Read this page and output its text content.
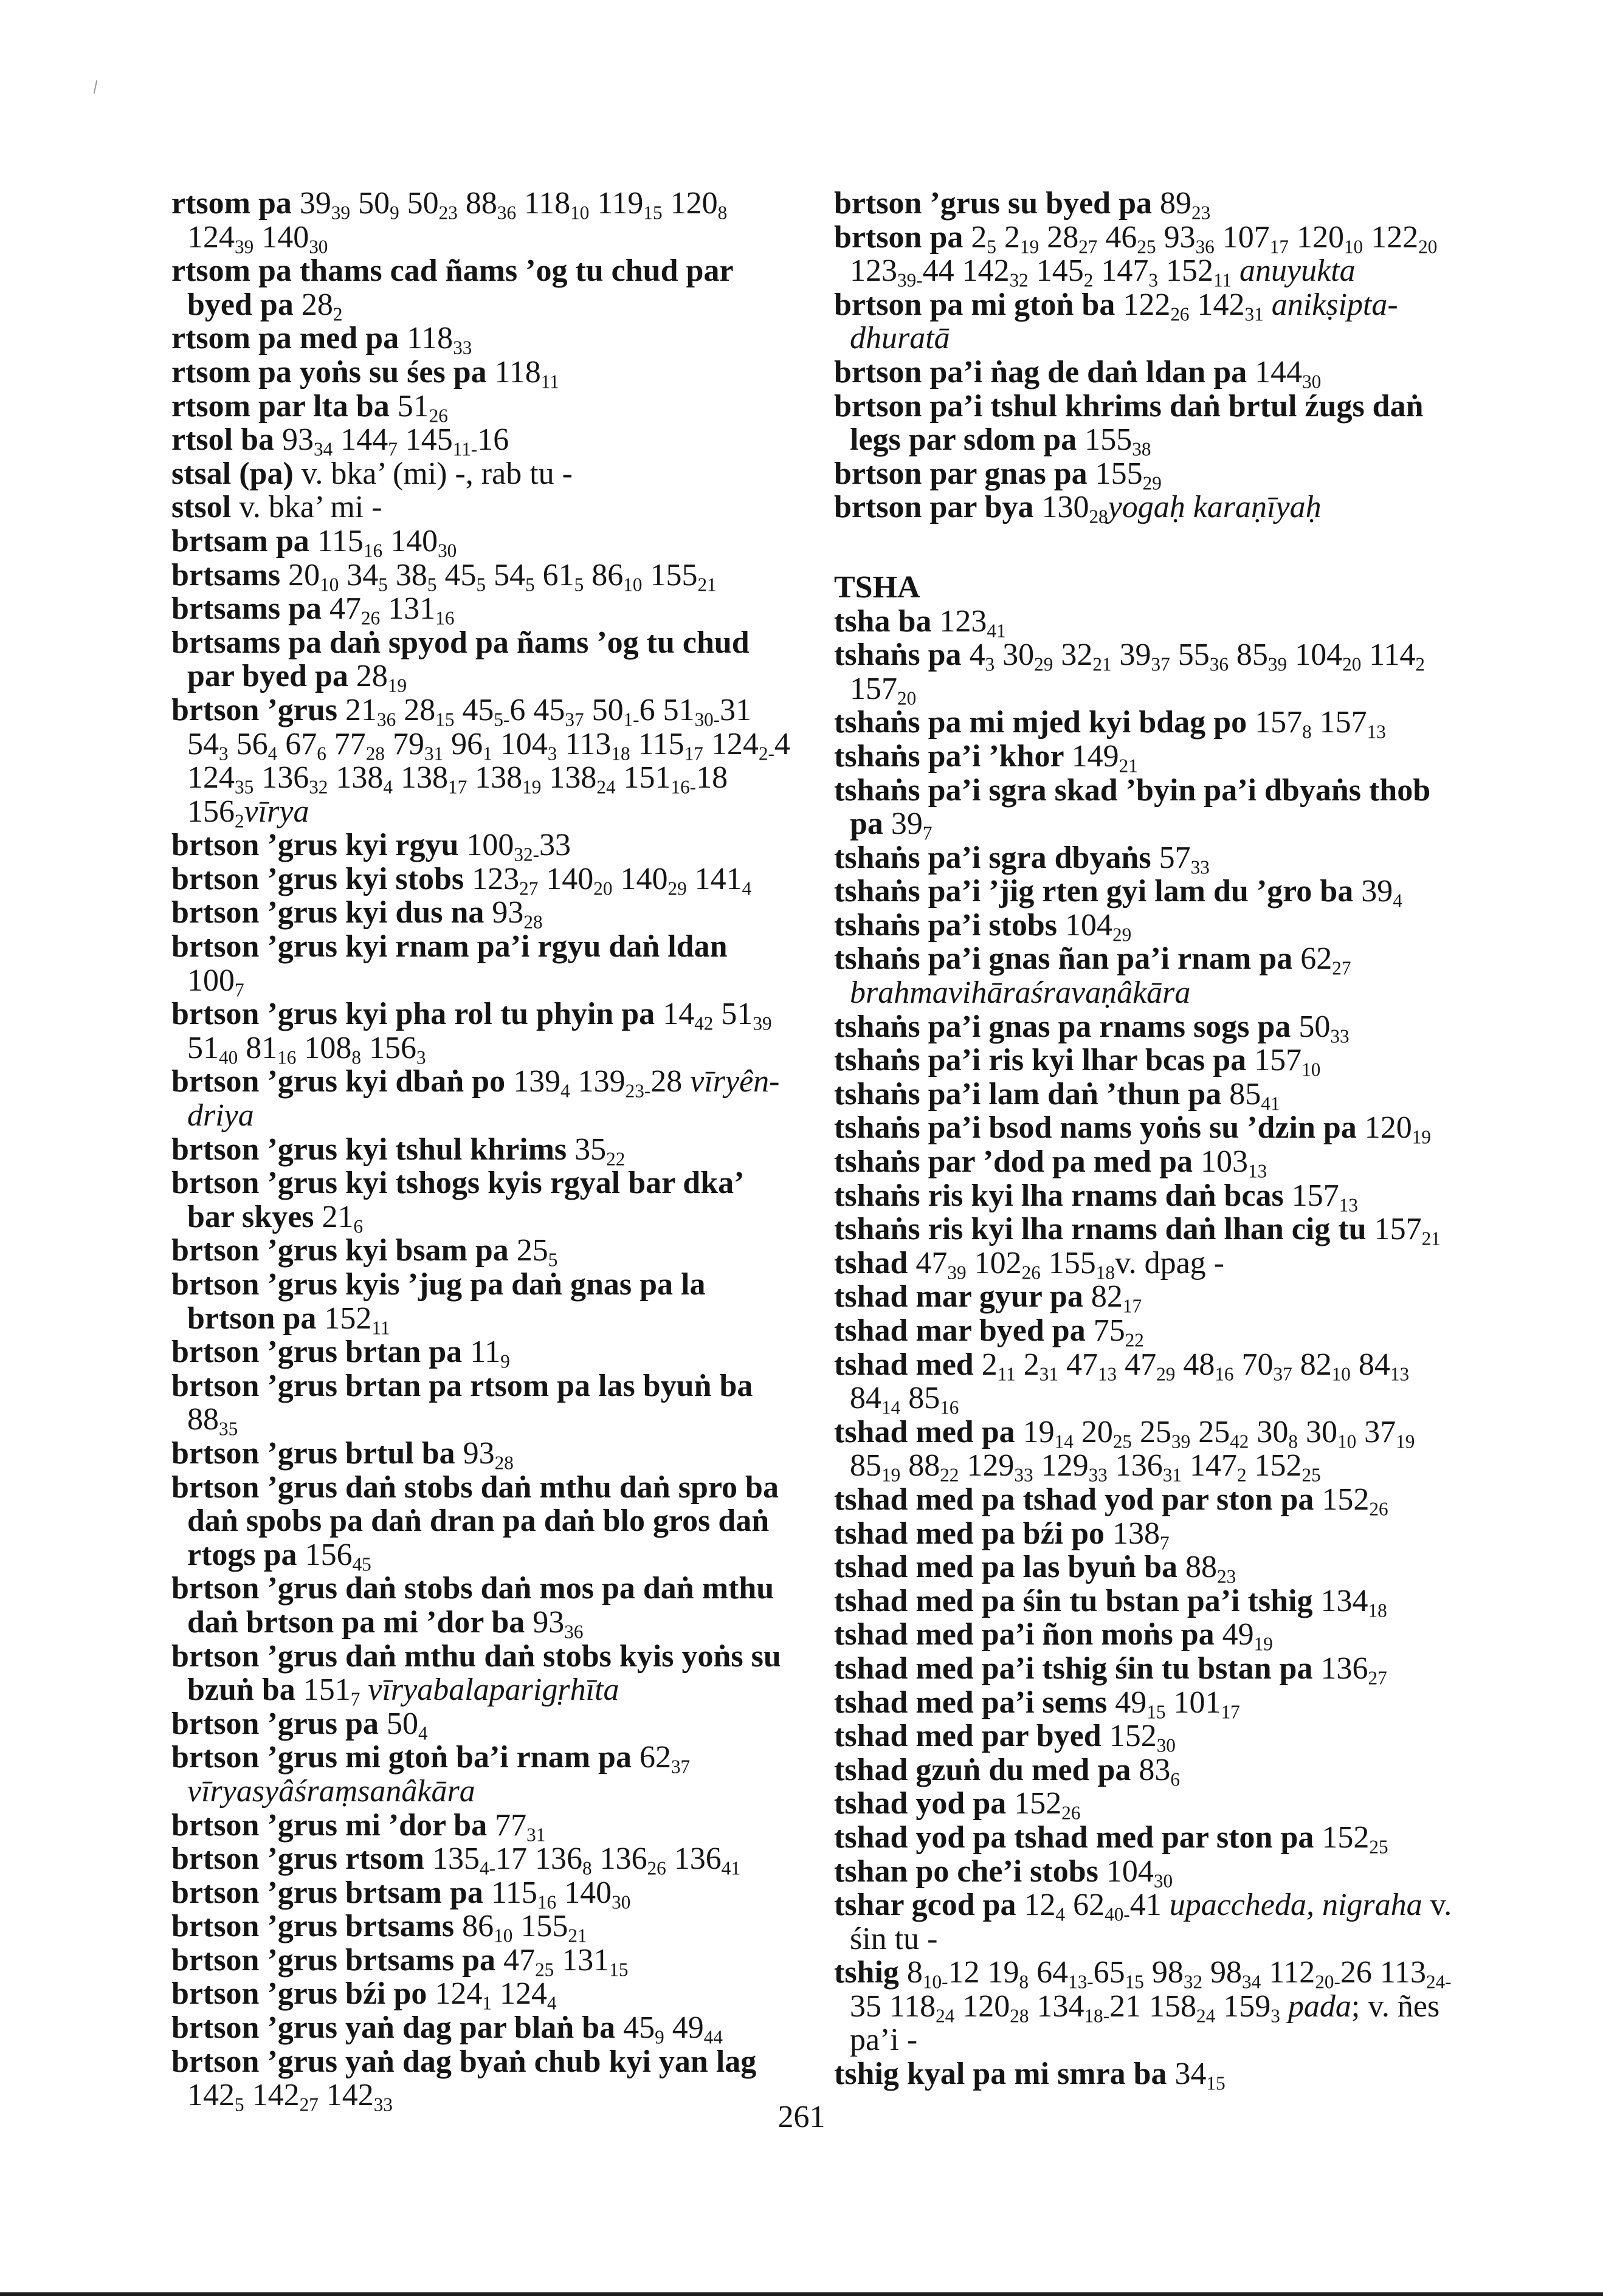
rtsom pa $39_{39}$ $50_9$ $50_{23}$ $88_{36}$ $118_{10}$ $119_{15}$ $120_8$ $124_{39}$ $140_{30}$
rtsom pa thams cad ñams ’og tu chud par byed pa $28_2$
rtsom pa med pa $118_{33}$
rtsom pa yoṅs su śes pa $118_{11}$
rtsom par lta ba $51_{26}$
rtsol ba $93_{34}$ $144_7$ $145_{11-}16$
stsal (pa) v. bka’ (mi) -, rab tu -
stsol v. bka’ mi -
brtsam pa $115_{16}$ $140_{30}$
brtsams $20_{10}$ $34_5$ $38_5$ $45_5$ $54_5$ $61_5$ $86_{10}$ $155_{21}$
brtsams pa $47_{26}$ $131_{16}$
brtsams pa daṅ spyod pa ñams ’og tu chud par byed pa $28_{19}$
brtson ’grus $21_{36}$ $28_{15}$ $45_{5-}6$ $45_{37}$ $50_{1-}6$ $51_{30-}31$ $54_3$ $56_4$ $67_6$ $77_{28}$ $79_{31}$ $96_1$ $104_3$ $113_{18}$ $115_{17}$ $124_{2-}4$ $124_{35}$ $136_{32}$ $138_4$ $138_{17}$ $138_{19}$ $138_{24}$ $151_{16-}18$ $156_2vīrya$
brtson ’grus kyi rgyu $100_{32-}33$
brtson ’grus kyi stobs $123_{27}$ $140_{20}$ $140_{29}$ $141_4$
brtson ’grus kyi dus na $93_{28}$
brtson ’grus kyi rnam pa’i rgyu daṅ ldan $100_7$
brtson ’grus kyi pha rol tu phyin pa $14_{42}$ $51_{39}$ $51_{40}$ $81_{16}$ $108_8$ $156_3$
brtson ’grus kyi dbaṅ po $139_4$ $139_{23-}28$ vīryên-driya
brtson ’grus kyi tshul khrims $35_{22}$
brtson ’grus kyi tshogs kyis rgyal bar dka’ bar skyes $21_6$
brtson ’grus kyi bsam pa $25_5$
brtson ’grus kyis ’jug pa daṅ gnas pa la brtson pa $152_{11}$
brtson ’grus brtan pa $11_9$
brtson ’grus brtan pa rtsom pa las byuṅ ba $88_{35}$
brtson ’grus brtul ba $93_{28}$
brtson ’grus daṅ stobs daṅ mthu daṅ spro ba daṅ spobs pa daṅ dran pa daṅ blo gros daṅ rtogs pa $156_{45}$
brtson ’grus daṅ stobs daṅ mos pa daṅ mthu daṅ brtson pa mi ’dor ba $93_{36}$
brtson ’grus daṅ mthu daṅ stobs kyis yoṅs su bzuṅ ba $151_7$ vīryabalaparigṛhīta
brtson ’grus pa $50_4$
brtson ’grus mi gtoṅ ba’i rnam pa $62_{37}$ vīryasyâśraṃsanâkāra
brtson ’grus mi ’dor ba $77_{31}$
brtson ’grus rtsom $135_{4-}17$ $136_8$ $136_{26}$ $136_{41}$
brtson ’grus brtsam pa $115_{16}$ $140_{30}$
brtson ’grus brtsams $86_{10}$ $155_{21}$
brtson ’grus brtsams pa $47_{25}$ $131_{15}$
brtson ’grus bźi po $124_1$ $124_4$
brtson ’grus yaṅ dag par blaṅ ba $45_9$ $49_{44}$
brtson ’grus yaṅ dag byaṅ chub kyi yan lag $142_5$ $142_{27}$ $142_{33}$
brtson ’grus su byed pa $89_{23}$
brtson pa $2_5$ $2_{19}$ $28_{27}$ $46_{25}$ $93_{36}$ $107_{17}$ $120_{10}$ $122_{20}$ $123_{39-}44$ $142_{32}$ $145_2$ $147_3$ $152_{11}$ anuyukta
brtson pa mi gtoṅ ba $122_{26}$ $142_{31}$ anikṣipta-dhuratā
brtson pa’i ṅag de daṅ ldan pa $144_{30}$
brtson pa’i tshul khrims daṅ brtul źugs daṅ legs par sdom pa $155_{38}$
brtson par gnas pa $155_{29}$
brtson par bya $130_{28}yogaḥ$ karaṇīyaḥ
TSHA
tsha ba $123_{41}$
tshaṅs pa $4_3$ $30_{29}$ $32_{21}$ $39_{37}$ $55_{36}$ $85_{39}$ $104_{20}$ $114_2$ $157_{20}$
tshaṅs pa mi mjed kyi bdag po $157_8$ $157_{13}$
tshaṅs pa’i ’khor $149_{21}$
tshaṅs pa’i sgra skad ’byin pa’i dbyaṅs thob pa $39_7$
tshaṅs pa’i sgra dbyaṅs $57_{33}$
tshaṅs pa’i ’jig rten gyi lam du ’gro ba $39_4$
tshaṅs pa’i stobs $104_{29}$
tshaṅs pa’i gnas ñan pa’i rnam pa $62_{27}$ brahmavihāraśravaṇâkāra
tshaṅs pa’i gnas pa rnams sogs pa $50_{33}$
tshaṅs pa’i ris kyi lhar bcas pa $157_{10}$
tshaṅs pa’i lam daṅ ’thun pa $85_{41}$
tshaṅs pa’i bsod nams yoṅs su ’dzin pa $120_{19}$
tshaṅs par ’dod pa med pa $103_{13}$
tshaṅs ris kyi lha rnams daṅ bcas $157_{13}$
tshaṅs ris kyi lha rnams daṅ lhan cig tu $157_{21}$
tshad $47_{39}$ $102_{26}$ $155_{18}v$. dpag -
tshad mar gyur pa $82_{17}$
tshad mar byed pa $75_{22}$
tshad med $2_{11}$ $2_{31}$ $47_{13}$ $47_{29}$ $48_{16}$ $70_{37}$ $82_{10}$ $84_{13}$ $84_{14}$ $85_{16}$
tshad med pa $19_{14}$ $20_{25}$ $25_{39}$ $25_{42}$ $30_8$ $30_{10}$ $37_{19}$ $85_{19}$ $88_{22}$ $129_{33}$ $129_{33}$ $136_{31}$ $147_2$ $152_{25}$
tshad med pa tshad yod par ston pa $152_{26}$
tshad med pa bźi po $138_7$
tshad med pa las byuṅ ba $88_{23}$
tshad med pa śin tu bstan pa’i tshig $134_{18}$
tshad med pa’i ñon moṅs pa $49_{19}$
tshad med pa’i tshig śin tu bstan pa $136_{27}$
tshad med pa’i sems $49_{15}$ $101_{17}$
tshad med par byed $152_{30}$
tshad gzuṅ du med pa $83_6$
tshad yod pa $152_{26}$
tshad yod pa tshad med par ston pa $152_{25}$
tshan po che’i stobs $104_{30}$
tshar gcod pa $12_4$ $62_{40-}41$ upaccheda, nigraha v. śin tu -
tshig $8_{10-}12$ $19_8$ $64_{13-}65_{15}$ $98_{32}$ $98_{34}$ $112_{20-}26$ $113_{24-}35$ $118_{24}$ $120_{28}$ $134_{18-}21$ $158_{24}$ $159_3$ pada; v. ñes pa’i -
tshig kyal pa mi smra ba $34_{15}$
261
